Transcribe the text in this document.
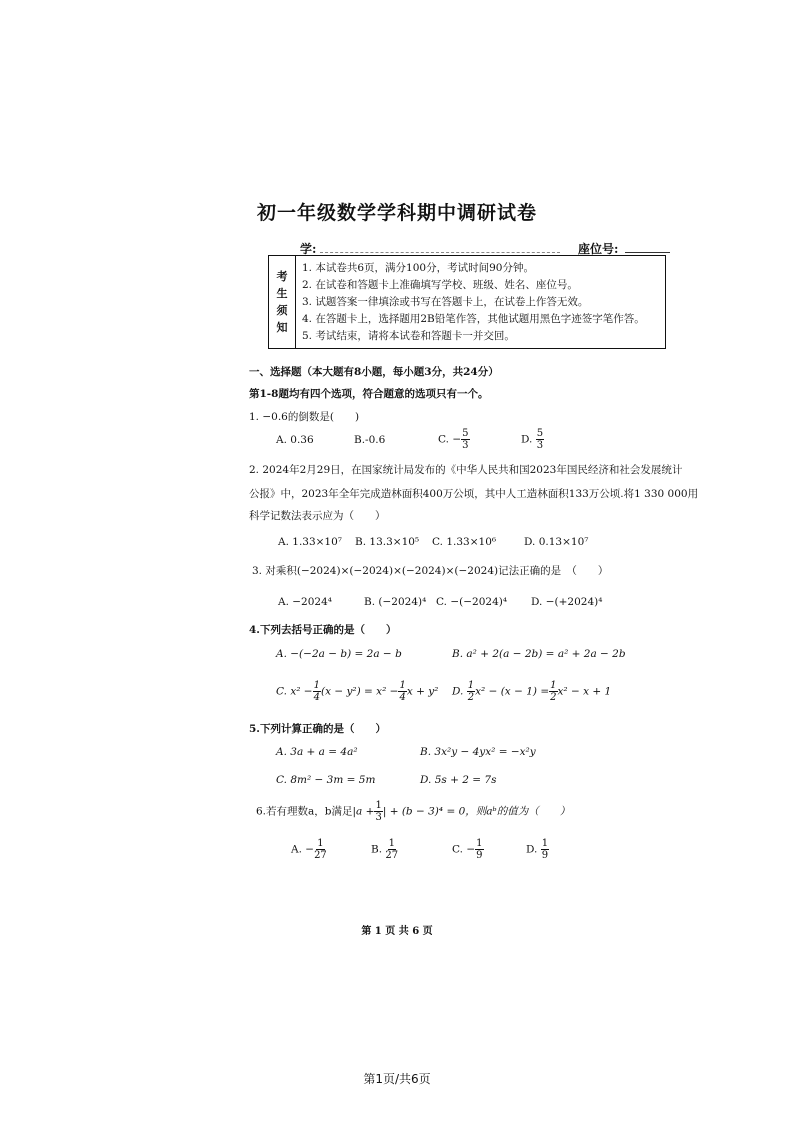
初一年级数学学科期中调研试卷
学:	座位号:
考
生
须
知
1. 本试卷共6页，满分100分，考试时间90分钟。
2. 在试卷和答题卡上准确填写学校、班级、姓名、座位号。
3. 试题答案一律填涂或书写在答题卡上，在试卷上作答无效。
4. 在答题卡上，选择题用2B铅笔作答，其他试题用黑色字迹签字笔作答。
5. 考试结束，请将本试卷和答题卡一并交回。
一、选择题（本大题有8小题，每小题3分，共24分）
第1-8题均有四个选项，符合题意的选项只有一个。
1. −0.6的倒数是(　　)
A. 0.36	B.-0.6	C. − $\frac{5}{3}$	D. $\frac{5}{3}$
2. 2024年2月29日，在国家统计局发布的《中华人民共和国2023年国民经济和社会发展统计
公报》中，2023年全年完成造林面积400万公顷，其中人工造林面积133万公顷.将1 330 000用
科学记数法表示应为（　　）
A. 1.33×10⁷ B. 13.3×10⁵ C. 1.33×10⁶	D. 0.13×10⁷
3. 对乘积(−2024)×(−2024)×(−2024)×(−2024)记法正确的是　（　　）
A. −2024⁴	B. (−2024)⁴ C. −(−2024)⁴ D. −(+2024)⁴
4.下列去括号正确的是（　　）
A. −(−2a − b) = 2a − b	B. a² + 2(a − 2b) = a² + 2a − 2b
C. $x^2 - \frac{1}{4} (x - y^2) = x^2 - \frac{1}{4}$ x + y² D. $\frac{1}{2} x^2 - (x - 1) = \frac{1}{2} x^2 - x + 1$
5.下列计算正确的是（　　）
A. 3a + a = 4a²	B. 3x²y − 4yx² = −x²y
C. 8m² − 3m = 5m	D. 5s + 2 = 7s
6.若有理数a，b满足$|a + \frac{1}{3}$ | + (b − 3)⁴ = 0，则aᵇ的值为（　　）
A. − $\frac{1}{27}$	B. $\frac{1}{27}$	C. − $\frac{1}{9}$	D. $\frac{1}{9}$
第 1 页 共 6 页
第1页/共6页
